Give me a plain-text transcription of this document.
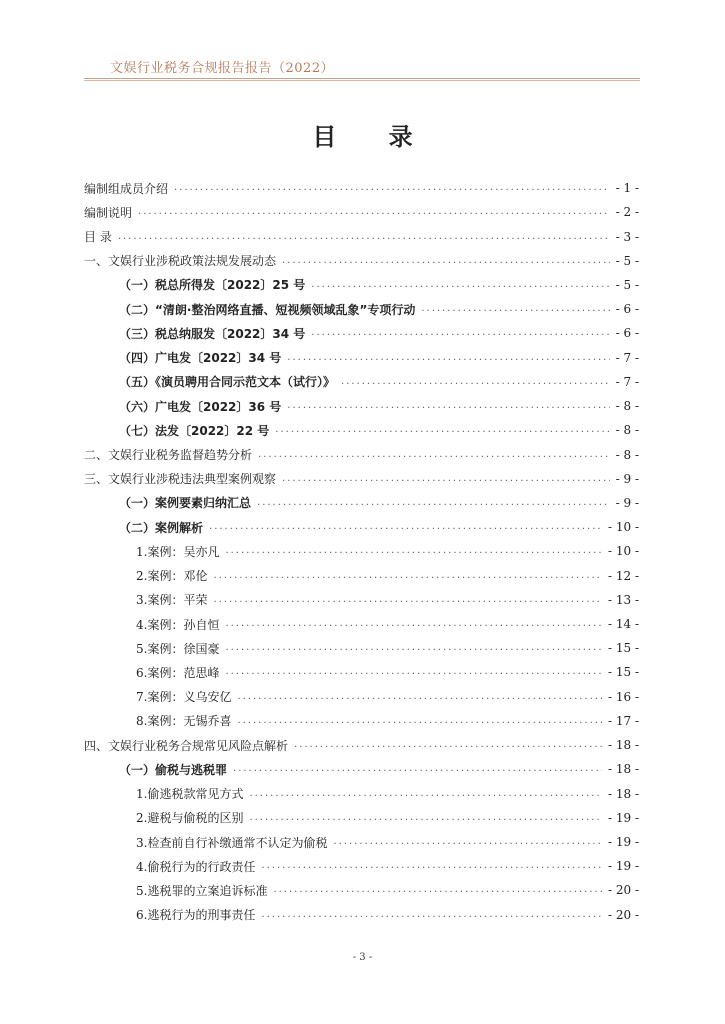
文娱行业税务合规报告报告（2022）
目 录
编制组成员介绍 .....	- 1 -
编制说明 .....	- 2 -
目 录 .....	- 3 -
一、文娱行业涉税政策法规发展动态 .....	- 5 -
（一）税总所得发〔2022〕25 号 .....	- 5 -
（二）“清朗·整治网络直播、短视频领域乱象”专项行动 .....	- 6 -
（三）税总纳服发〔2022〕34 号 .....	- 6 -
（四）广电发〔2022〕34 号 .....	- 7 -
（五）《演员聘用合同示范文本（试行）》 .....	- 7 -
（六）广电发〔2022〕36 号 .....	- 8 -
（七）法发〔2022〕22 号 .....	- 8 -
二、文娱行业税务监督趋势分析 .....	- 8 -
三、文娱行业涉税违法典型案例观察 .....	- 9 -
（一）案例要素归纳汇总 .....	- 9 -
（二）案例解析 .....	- 10 -
1.案例：吴亦凡 .....	- 10 -
2.案例：邓伦 .....	- 12 -
3.案例：平荣 .....	- 13 -
4.案例：孙自恒 .....	- 14 -
5.案例：徐国豪 .....	- 15 -
6.案例：范思峰 .....	- 15 -
7.案例：义乌安亿 .....	- 16 -
8.案例：无锡乔喜 .....	- 17 -
四、文娱行业税务合规常见风险点解析 .....	- 18 -
（一）偷税与逃税罪 .....	- 18 -
1.偷逃税款常见方式 .....	- 18 -
2.避税与偷税的区别 .....	- 19 -
3.检查前自行补缴通常不认定为偷税 .....	- 19 -
4.偷税行为的行政责任 .....	- 19 -
5.逃税罪的立案追诉标准 .....	- 20 -
6.逃税行为的刑事责任 .....	- 20 -
- 3 -
